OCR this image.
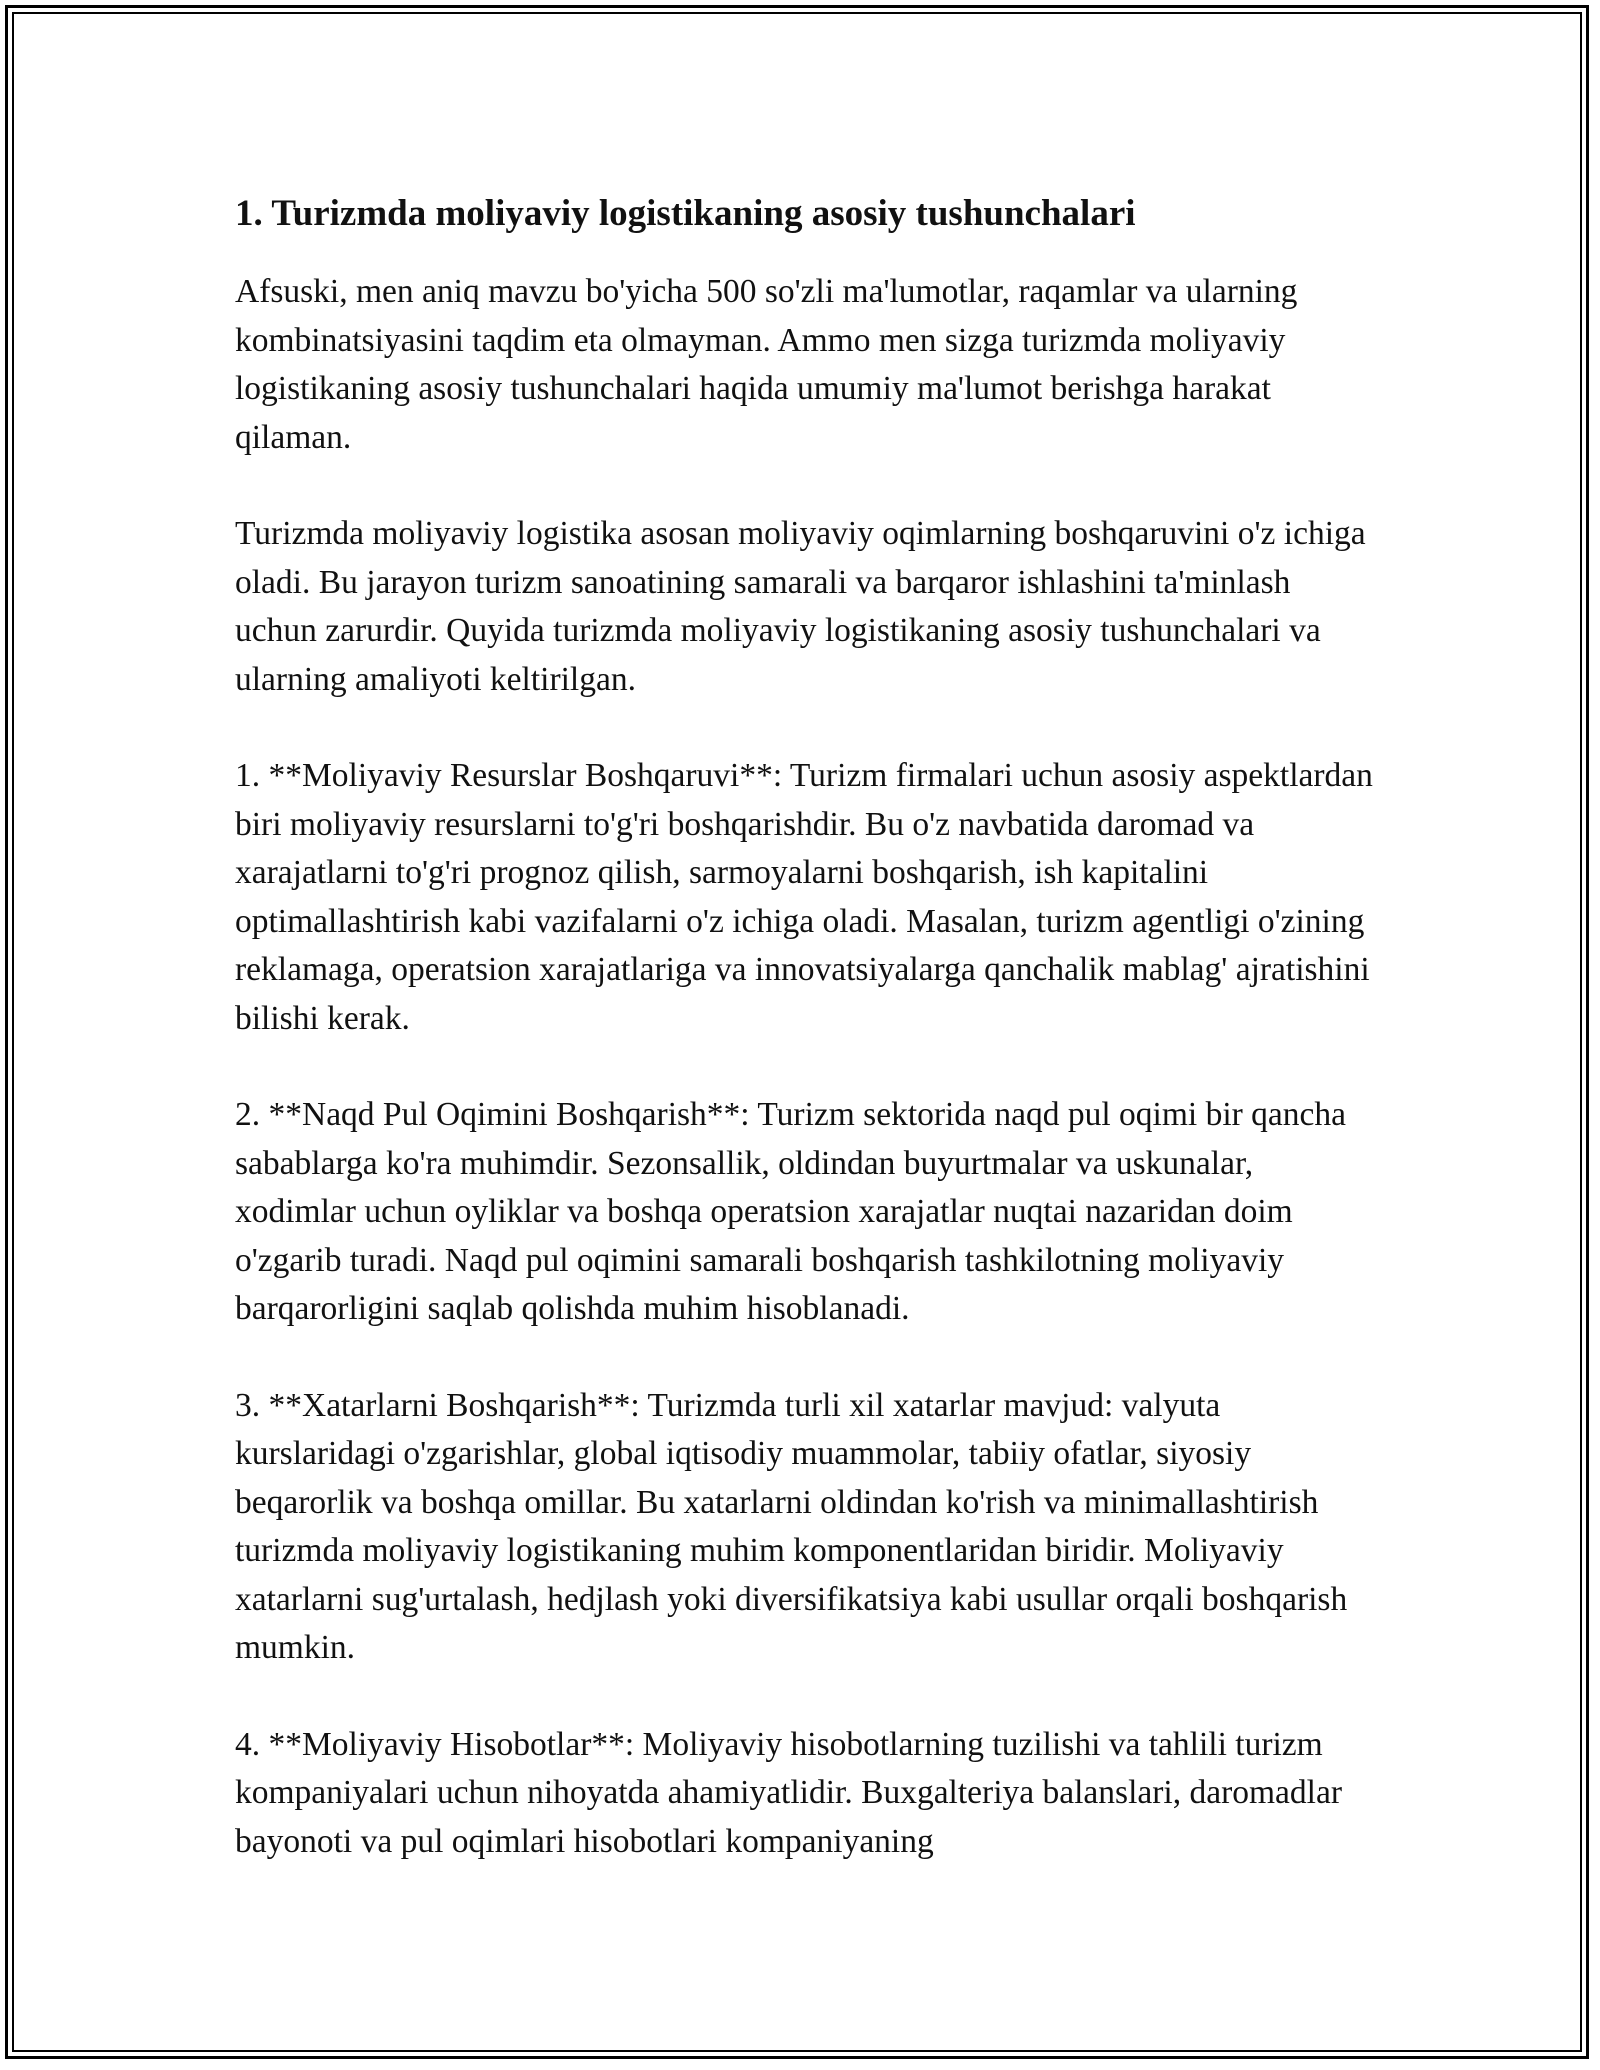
1. Turizmda moliyaviy logistikaning asosiy tushunchalari

Afsuski, men aniq mavzu bo'yicha 500 so'zli ma'lumotlar, raqamlar va ularning kombinatsiyasini taqdim eta olmayman. Ammo men sizga turizmda moliyaviy logistikaning asosiy tushunchalari haqida umumiy ma'lumot berishga harakat qilaman.

Turizmda moliyaviy logistika asosan moliyaviy oqimlarning boshqaruvini o'z ichiga oladi. Bu jarayon turizm sanoatining samarali va barqaror ishlashini ta'minlash uchun zarurdir. Quyida turizmda moliyaviy logistikaning asosiy tushunchalari va ularning amaliyoti keltirilgan.

1. **Moliyaviy Resurslar Boshqaruvi**: Turizm firmalari uchun asosiy aspektlardan biri moliyaviy resurslarni to'g'ri boshqarishdir. Bu o'z navbatida daromad va xarajatlarni to'g'ri prognoz qilish, sarmoyalarni boshqarish, ish kapitalini optimallashtirish kabi vazifalarni o'z ichiga oladi. Masalan, turizm agentligi o'zining reklamaga, operatsion xarajatlariga va innovatsiyalarga qanchalik mablag' ajratishini bilishi kerak.

2. **Naqd Pul Oqimini Boshqarish**: Turizm sektorida naqd pul oqimi bir qancha sabablarga ko'ra muhimdir. Sezonsallik, oldindan buyurtmalar va uskunalar, xodimlar uchun oyliklar va boshqa operatsion xarajatlar nuqtai nazaridan doim o'zgarib turadi. Naqd pul oqimini samarali boshqarish tashkilotning moliyaviy barqarorligini saqlab qolishda muhim hisoblanadi.

3. **Xatarlarni Boshqarish**: Turizmda turli xil xatarlar mavjud: valyuta kurslaridagi o'zgarishlar, global iqtisodiy muammolar, tabiiy ofatlar, siyosiy beqarorlik va boshqa omillar. Bu xatarlarni oldindan ko'rish va minimallashtirish turizmda moliyaviy logistikaning muhim komponentlaridan biridir. Moliyaviy xatarlarni sug'urtalash, hedjlash yoki diversifikatsiya kabi usullar orqali boshqarish mumkin.

4. **Moliyaviy Hisobotlar**: Moliyaviy hisobotlarning tuzilishi va tahlili turizm kompaniyalari uchun nihoyatda ahamiyatlidir. Buxgalteriya balanslari, daromadlar bayonoti va pul oqimlari hisobotlari kompaniyaning
